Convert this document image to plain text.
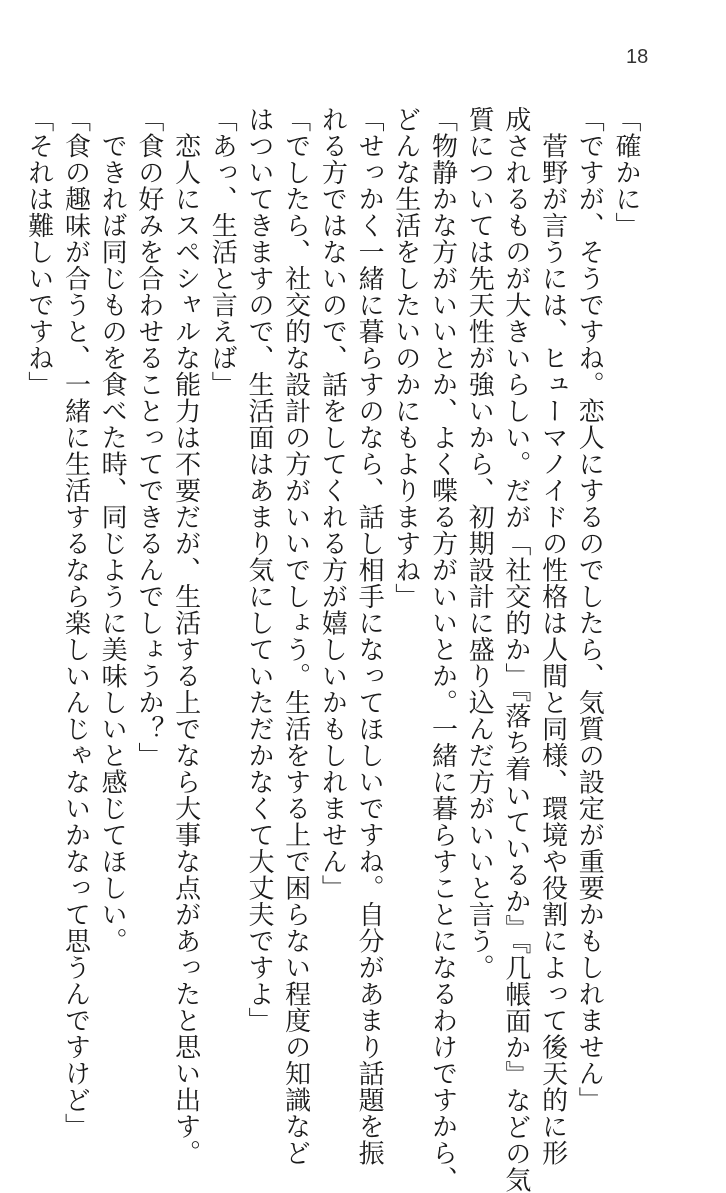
18
「確かに」
「ですが、そうですね。恋人にするのでしたら、気質の設定が重要かもしれません」
　菅野が言うには、ヒューマノイドの性格は人間と同様、環境や役割によって後天的に形
成されるものが大きいらしい。だが「社交的か」『落ち着いているか』『几帳面か』などの気
質については先天性が強いから、初期設計に盛り込んだ方がいいと言う。
「物静かな方がいいとか、よく喋る方がいいとか。一緒に暮らすことになるわけですから、
どんな生活をしたいのかにもよりますね」
「せっかく一緒に暮らすのなら、話し相手になってほしいですね。自分があまり話題を振
れる方ではないので、話をしてくれる方が嬉しいかもしれません」
「でしたら、社交的な設計の方がいいでしょう。生活をする上で困らない程度の知識など
はついてきますので、生活面はあまり気にしていただかなくて大丈夫ですよ」
「あっ、生活と言えば」
　恋人にスペシャルな能力は不要だが、生活する上でなら大事な点があったと思い出す。
「食の好みを合わせることってできるんでしょうか？」
　できれば同じものを食べた時、同じように美味しいと感じてほしい。
「食の趣味が合うと、一緒に生活するなら楽しいんじゃないかなって思うんですけど」
「それは難しいですね」
